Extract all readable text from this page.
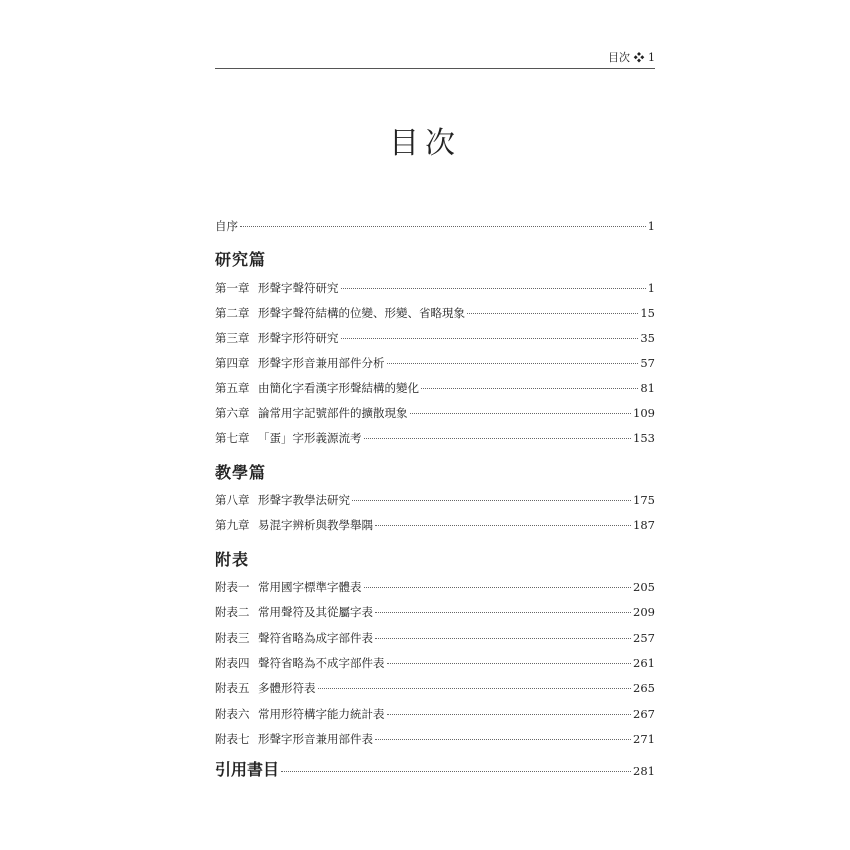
目次 ❖ 1
目次
自序	1
研究篇
第一章 形聲字聲符研究	1
第二章 形聲字聲符結構的位變、形變、省略現象	15
第三章 形聲字形符研究	35
第四章 形聲字形音兼用部件分析	57
第五章 由簡化字看漢字形聲結構的變化	81
第六章 論常用字記號部件的擴散現象	109
第七章 「蛋」字形義源流考	153
教學篇
第八章 形聲字教學法研究	175
第九章 易混字辨析與教學舉隅	187
附表
附表一 常用國字標準字體表	205
附表二 常用聲符及其從屬字表	209
附表三 聲符省略為成字部件表	257
附表四 聲符省略為不成字部件表	261
附表五 多體形符表	265
附表六 常用形符構字能力統計表	267
附表七 形聲字形音兼用部件表	271
引用書目	281
